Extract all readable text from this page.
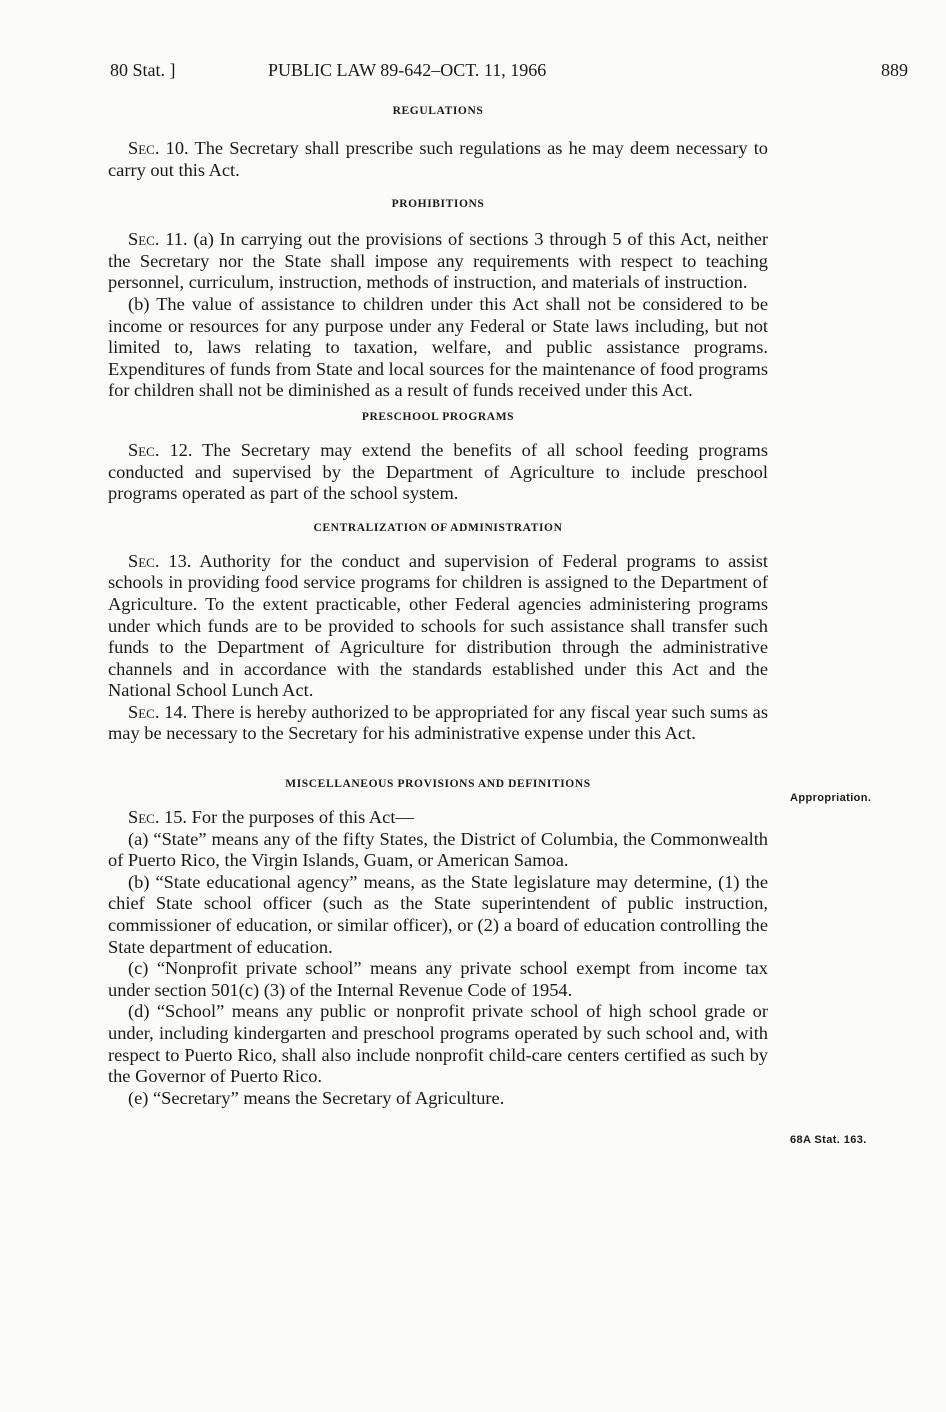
80 Stat. ]	PUBLIC LAW 89-642–OCT. 11, 1966	889
REGULATIONS

Sec. 10. The Secretary shall prescribe such regulations as he may deem necessary to carry out this Act.

PROHIBITIONS

Sec. 11. (a) In carrying out the provisions of sections 3 through 5 of this Act, neither the Secretary nor the State shall impose any requirements with respect to teaching personnel, curriculum, instruction, methods of instruction, and materials of instruction.

(b) The value of assistance to children under this Act shall not be considered to be income or resources for any purpose under any Federal or State laws including, but not limited to, laws relating to taxation, welfare, and public assistance programs. Expenditures of funds from State and local sources for the maintenance of food programs for children shall not be diminished as a result of funds received under this Act.

PRESCHOOL PROGRAMS

Sec. 12. The Secretary may extend the benefits of all school feeding programs conducted and supervised by the Department of Agriculture to include preschool programs operated as part of the school system.

CENTRALIZATION OF ADMINISTRATION

Sec. 13. Authority for the conduct and supervision of Federal programs to assist schools in providing food service programs for children is assigned to the Department of Agriculture. To the extent practicable, other Federal agencies administering programs under which funds are to be provided to schools for such assistance shall transfer such funds to the Department of Agriculture for distribution through the administrative channels and in accordance with the standards established under this Act and the National School Lunch Act.

Sec. 14. There is hereby authorized to be appropriated for any fiscal year such sums as may be necessary to the Secretary for his administrative expense under this Act.

MISCELLANEOUS PROVISIONS AND DEFINITIONS

Sec. 15. For the purposes of this Act—

(a) “State” means any of the fifty States, the District of Columbia, the Commonwealth of Puerto Rico, the Virgin Islands, Guam, or American Samoa.

(b) “State educational agency” means, as the State legislature may determine, (1) the chief State school officer (such as the State superintendent of public instruction, commissioner of education, or similar officer), or (2) a board of education controlling the State department of education.

(c) “Nonprofit private school” means any private school exempt from income tax under section 501(c) (3) of the Internal Revenue Code of 1954.

(d) “School” means any public or nonprofit private school of high school grade or under, including kindergarten and preschool programs operated by such school and, with respect to Puerto Rico, shall also include nonprofit child-care centers certified as such by the Governor of Puerto Rico.

(e) “Secretary” means the Secretary of Agriculture.

Appropriation.
68A Stat. 163.
